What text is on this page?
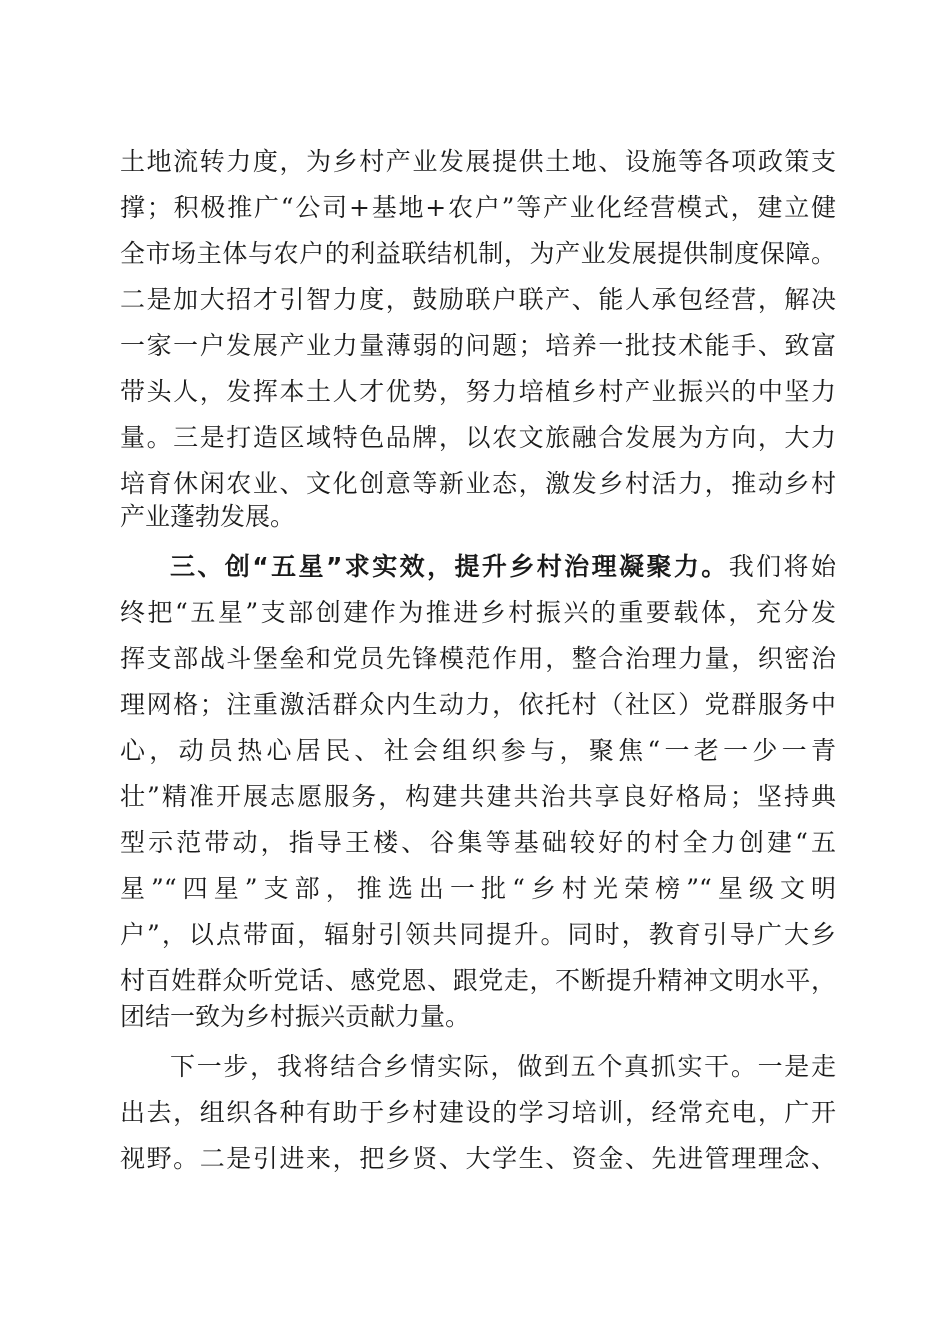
土地流转力度，为乡村产业发展提供土地、设施等各项政策支
撑；积极推广“公司+基地+农户”等产业化经营模式，建立健
全市场主体与农户的利益联结机制，为产业发展提供制度保障。
二是加大招才引智力度，鼓励联户联产、能人承包经营，解决
一家一户发展产业力量薄弱的问题；培养一批技术能手、致富
带头人，发挥本土人才优势，努力培植乡村产业振兴的中坚力
量。三是打造区域特色品牌，以农文旅融合发展为方向，大力
培育休闲农业、文化创意等新业态，激发乡村活力，推动乡村
产业蓬勃发展。
三、创“五星”求实效，提升乡村治理凝聚力。我们将始
终把“五星”支部创建作为推进乡村振兴的重要载体，充分发
挥支部战斗堡垒和党员先锋模范作用，整合治理力量，织密治
理网格；注重激活群众内生动力，依托村（社区）党群服务中
心，动员热心居民、社会组织参与，聚焦“一老一少一青
壮”精准开展志愿服务，构建共建共治共享良好格局；坚持典
型示范带动，指导王楼、谷集等基础较好的村全力创建“五
星”“四星”支部，推选出一批“乡村光荣榜”“星级文明
户”，以点带面，辐射引领共同提升。同时，教育引导广大乡
村百姓群众听党话、感党恩、跟党走，不断提升精神文明水平，
团结一致为乡村振兴贡献力量。
下一步，我将结合乡情实际，做到五个真抓实干。一是走
出去，组织各种有助于乡村建设的学习培训，经常充电，广开
视野。二是引进来，把乡贤、大学生、资金、先进管理理念、
